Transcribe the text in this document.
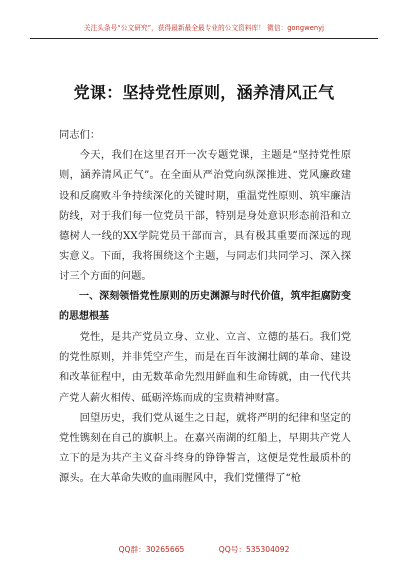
关注头条号“公文研究”，获得最新最全最专业的公文资料库！ 微信：gongwenyj
党课：坚持党性原则，涵养清风正气

同志们：

今天，我们在这里召开一次专题党课，主题是“坚持党性原则，涵养清风正气”。在全面从严治党向纵深推进、党风廉政建设和反腐败斗争持续深化的关键时期，重温党性原则、筑牢廉洁防线，对于我们每一位党员干部，特别是身处意识形态前沿和立德树人一线的XX学院党员干部而言，具有极其重要而深远的现实意义。下面，我将围绕这个主题，与同志们共同学习、深入探讨三个方面的问题。

一、深刻领悟党性原则的历史渊源与时代价值，筑牢拒腐防变的思想根基

党性，是共产党员立身、立业、立言、立德的基石。我们党的党性原则，并非凭空产生，而是在百年波澜壮阔的革命、建设和改革征程中，由无数革命先烈用鲜血和生命铸就，由一代代共产党人薪火相传、砥砺淬炼而成的宝贵精神财富。

回望历史，我们党从诞生之日起，就将严明的纪律和坚定的党性镌刻在自己的旗帜上。在嘉兴南湖的红船上，早期共产党人立下的是为共产主义奋斗终身的铮铮誓言，这便是党性最质朴的源头。在大革命失败的血雨腥风中，我们党懂得了“枪

QQ群：30265665	QQ号：535304092
